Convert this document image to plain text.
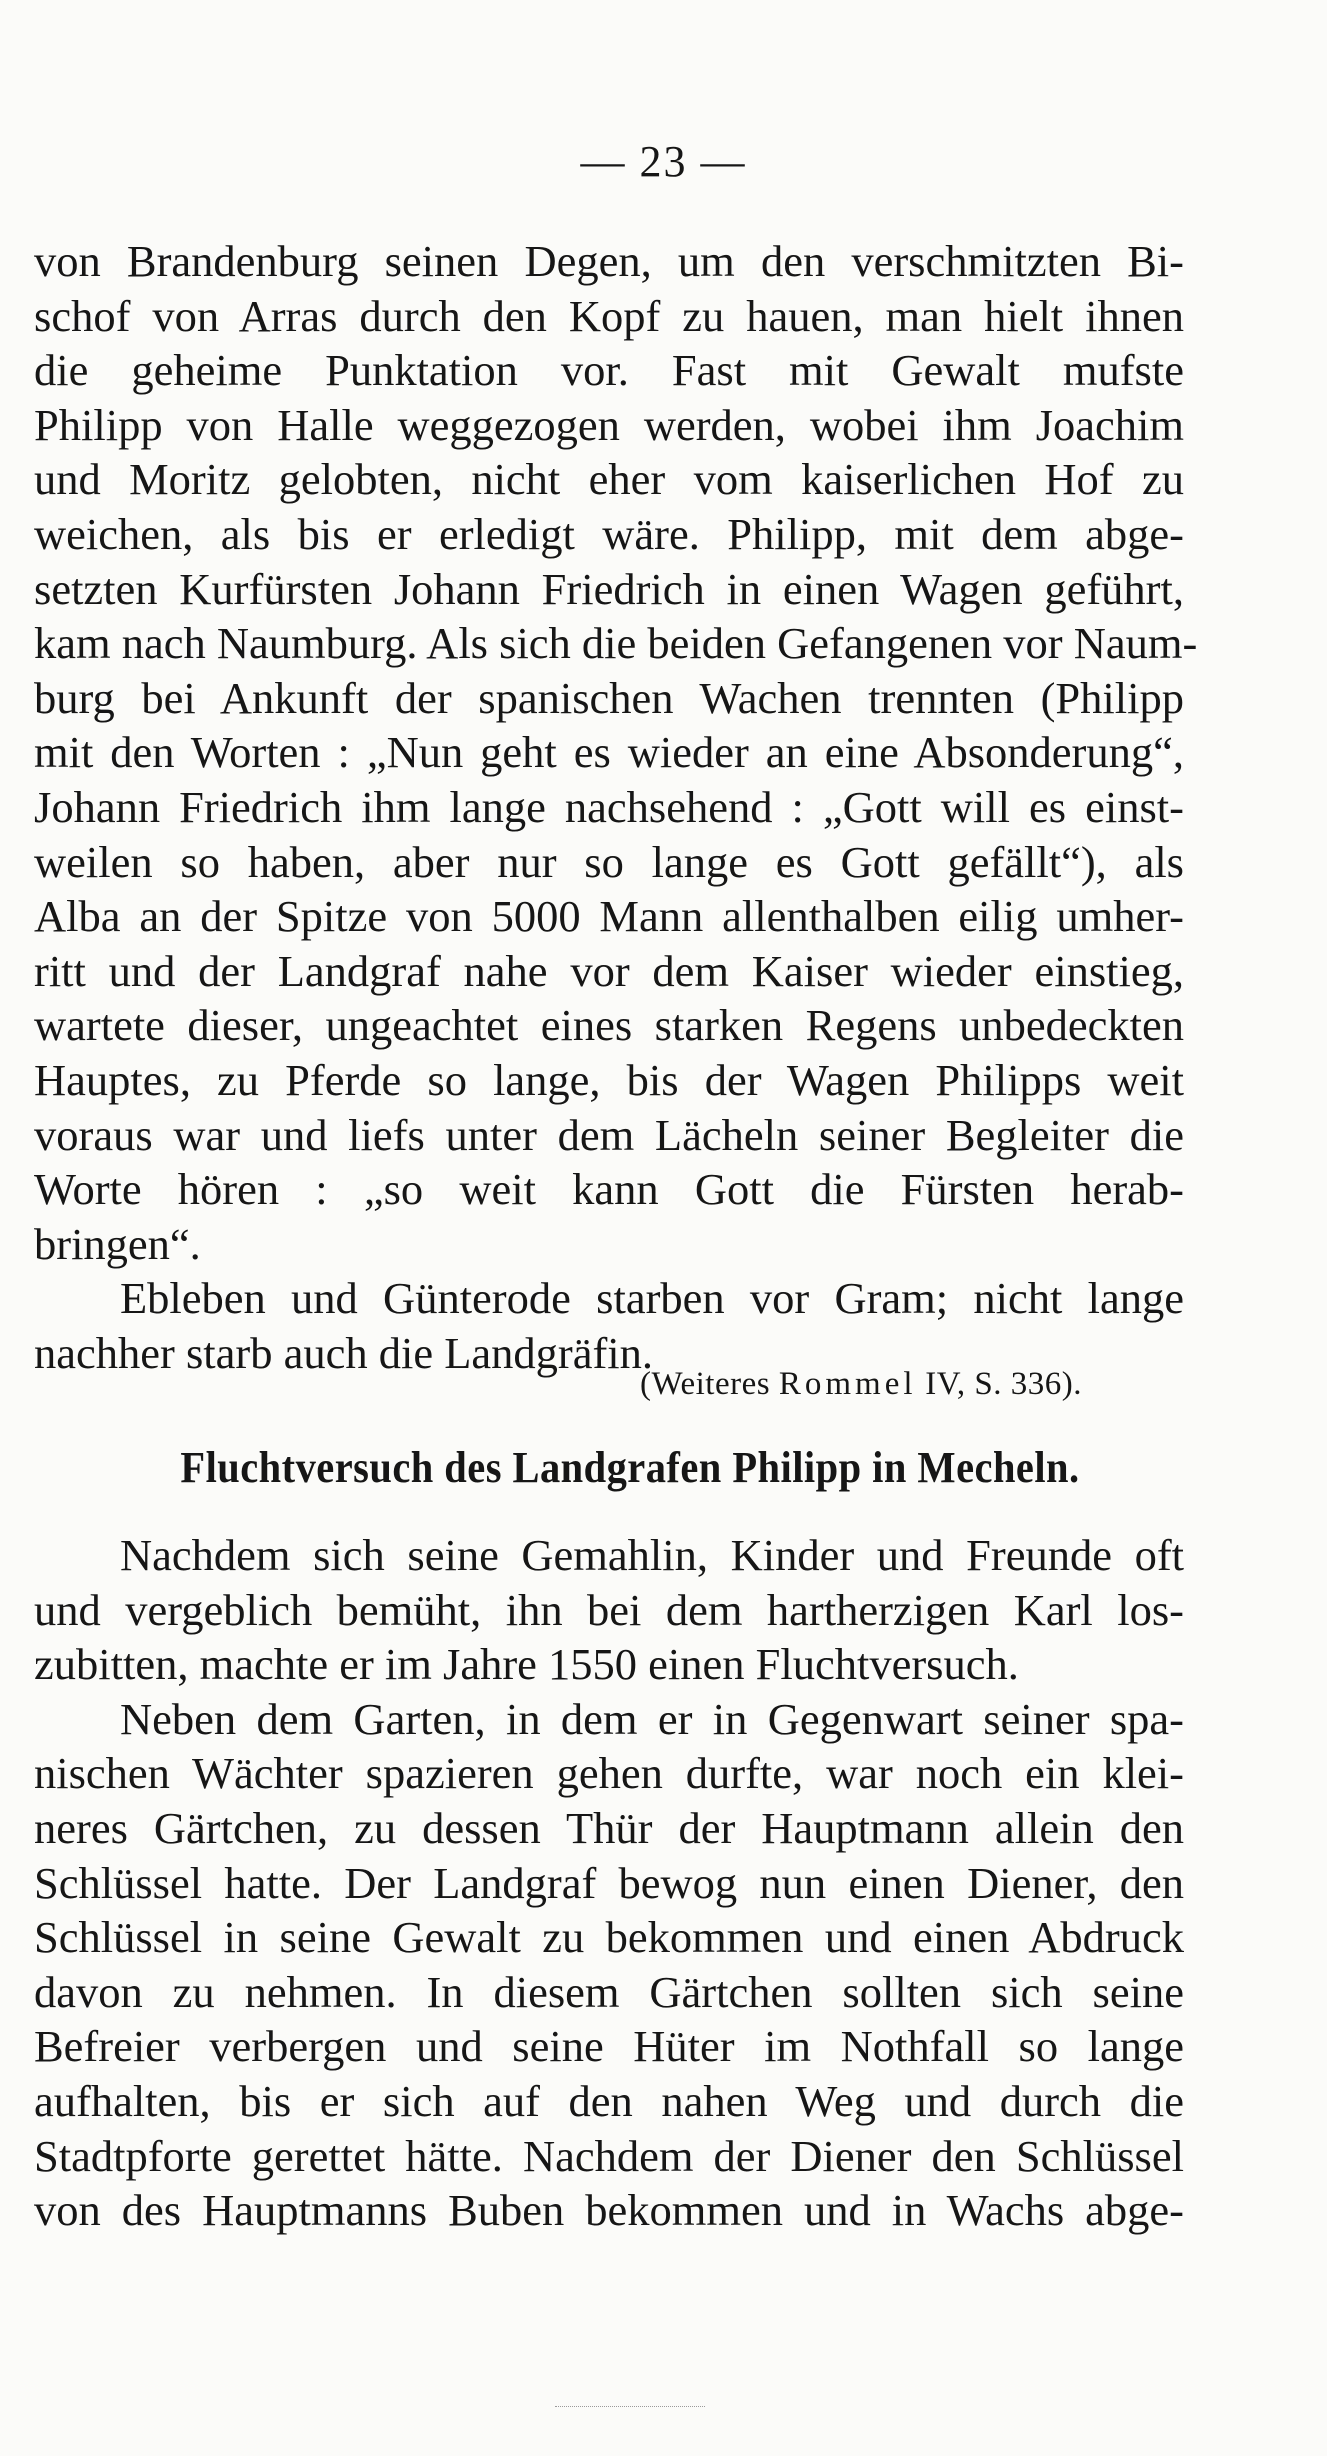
— 23 —
von Brandenburg seinen Degen, um den verschmitzten Bi-
schof von Arras durch den Kopf zu hauen, man hielt ihnen
die geheime Punktation vor. Fast mit Gewalt mufste
Philipp von Halle weggezogen werden, wobei ihm Joachim
und Moritz gelobten, nicht eher vom kaiserlichen Hof zu
weichen, als bis er erledigt wäre. Philipp, mit dem abge-
setzten Kurfürsten Johann Friedrich in einen Wagen geführt,
kam nach Naumburg. Als sich die beiden Gefangenen vor Naum-
burg bei Ankunft der spanischen Wachen trennten (Philipp
mit den Worten : „Nun geht es wieder an eine Absonderung“,
Johann Friedrich ihm lange nachsehend : „Gott will es einst-
weilen so haben, aber nur so lange es Gott gefällt“), als
Alba an der Spitze von 5000 Mann allenthalben eilig umher-
ritt und der Landgraf nahe vor dem Kaiser wieder einstieg,
wartete dieser, ungeachtet eines starken Regens unbedeckten
Hauptes, zu Pferde so lange, bis der Wagen Philipps weit
voraus war und liefs unter dem Lächeln seiner Begleiter die
Worte hören : „so weit kann Gott die Fürsten herab-
bringen“.
Ebleben und Günterode starben vor Gram; nicht lange
nachher starb auch die Landgräfin.
(Weiteres Rommel IV, S. 336).
Fluchtversuch des Landgrafen Philipp in Mecheln.
Nachdem sich seine Gemahlin, Kinder und Freunde oft
und vergeblich bemüht, ihn bei dem hartherzigen Karl los-
zubitten, machte er im Jahre 1550 einen Fluchtversuch.
Neben dem Garten, in dem er in Gegenwart seiner spa-
nischen Wächter spazieren gehen durfte, war noch ein klei-
neres Gärtchen, zu dessen Thür der Hauptmann allein den
Schlüssel hatte. Der Landgraf bewog nun einen Diener, den
Schlüssel in seine Gewalt zu bekommen und einen Abdruck
davon zu nehmen. In diesem Gärtchen sollten sich seine
Befreier verbergen und seine Hüter im Nothfall so lange
aufhalten, bis er sich auf den nahen Weg und durch die
Stadtpforte gerettet hätte. Nachdem der Diener den Schlüssel
von des Hauptmanns Buben bekommen und in Wachs abge-
